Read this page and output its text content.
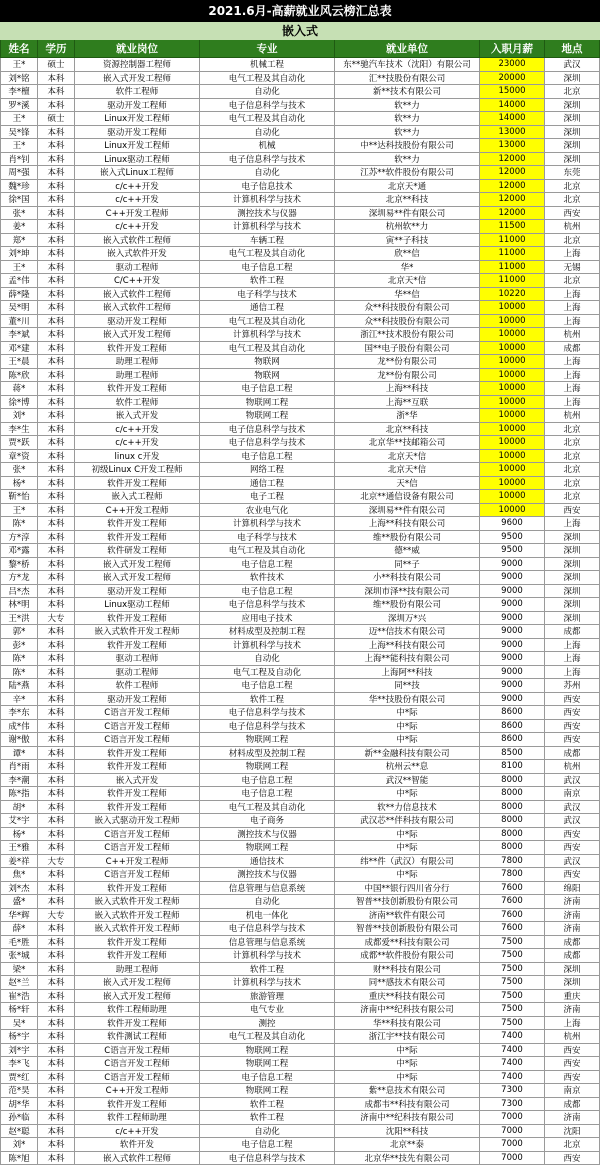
2021.6月-高薪就业风云榜汇总表
嵌入式
姓名	学历	就业岗位	专业	就业单位	入职月薪	地点
王*	硕士	资源控制器工程师	机械工程	东**驰汽车技术（沈阳）有限公司	23000	武汉
刘*铭	本科	嵌入式开发工程师	电气工程及其自动化	汇**技股份有限公司	20000	深圳
李*檀	本科	软件工程师	自动化	新**技术有限公司	15000	北京
罗*溪	本科	驱动开发工程师	电子信息科学与技术	软**力	14000	深圳
王*	硕士	Linux开发工程师	电气工程及其自动化	软**力	14000	深圳
吴*锋	本科	驱动开发工程师	自动化	软**力	13000	深圳
王*	本科	Linux开发工程师	机械	中**达科技股份有限公司	13000	深圳
肖*钊	本科	Linux驱动工程师	电子信息科学与技术	软**力	12000	深圳
周*强	本科	嵌入式Linux工程师	自动化	江苏**软件股份有限公司	12000	东莞
魏*珍	本科	c/c++开发	电子信息技术	北京天*通	12000	北京
徐*国	本科	c/c++开发	计算机科学与技术	北京**科技	12000	北京
张*	本科	C++开发工程师	测控技术与仪器	深圳易**件有限公司	12000	西安
姜*	本科	c/c++开发	计算机科学与技术	杭州软**力	11500	杭州
郑*	本科	嵌入式软件工程师	车辆工程	寅**子科技	11000	北京
刘*坤	本科	嵌入式软件开发	电气工程及其自动化	欣**信	11000	上海
王*	本科	驱动工程师	电子信息工程	华*	11000	无锡
孟*伟	本科	C/C++开发	软件工程	北京天*信	11000	北京
薛*隆	本科	嵌入式软件工程师	电子科学与技术	华**信	10220	上海
吴*明	本科	嵌入式软件工程师	通信工程	众**科技股份有限公司	10000	上海
董*川	本科	驱动开发工程师	电气工程及其自动化	众**科技股份有限公司	10000	上海
李*斌	本科	嵌入式开发工程师	计算机科学与技术	浙江**技术股份有限公司	10000	杭州
邓*建	本科	软件开发工程师	电气工程及其自动化	国**电子股份有限公司	10000	成都
王*晨	本科	助理工程师	物联网	龙**份有限公司	10000	上海
陈*欣	本科	助理工程师	物联网	龙**份有限公司	10000	上海
蒋*	本科	软件开发工程师	电子信息工程	上海**科技	10000	上海
徐*博	本科	软件工程师	物联网工程	上海**互联	10000	上海
刘*	本科	嵌入式开发	物联网工程	浙*华	10000	杭州
李*生	本科	c/c++开发	电子信息科学与技术	北京**科技	10000	北京
贾*跃	本科	c/c++开发	电子信息科学与技术	北京华**技邮箱公司	10000	北京
章*资	本科	linux c开发	电子信息工程	北京天*信	10000	北京
张*	本科	初级Linux C开发工程师	网络工程	北京天*信	10000	北京
杨*	本科	软件开发工程师	通信工程	天*信	10000	北京
靳*怡	本科	嵌入式工程师	电子工程	北京**通信设备有限公司	10000	北京
王*	本科	C++开发工程师	农业电气化	深圳易**件有限公司	10000	西安
陈*	本科	软件开发工程师	计算机科学与技术	上海**科技有限公司	9600	上海
方*淳	本科	软件开发工程师	电子科学与技术	维**股份有限公司	9500	深圳
邓*露	本科	软件研发工程师	电气工程及其自动化	德**威	9500	深圳
黎*桥	本科	嵌入式开发工程师	电子信息工程	同**子	9000	深圳
方*龙	本科	嵌入式开发工程师	软件技术	小**科技有限公司	9000	深圳
吕*杰	本科	驱动开发工程师	电子信息工程	深圳市泽**技有限公司	9000	深圳
林*明	本科	Linux驱动工程师	电子信息科学与技术	维**股份有限公司	9000	深圳
王*洪	大专	软件开发工程师	应用电子技术	深圳万*兴	9000	深圳
郭*	本科	嵌入式软件开发工程师	材料成型及控制工程	迈**信技术有限公司	9000	成都
彭*	本科	软件开发工程师	计算机科学与技术	上海**科技有限公司	9000	上海
陈*	本科	驱动工程师	自动化	上海**能科技有限公司	9000	上海
陈*	本科	驱动工程师	电气工程及自动化	上海阿**科技	9000	上海
陆*燕	本科	软件工程师	电子信息工程	同**技	9000	苏州
辛*	本科	驱动开发工程师	软件工程	华**技股份有限公司	9000	西安
李*东	本科	C语言开发工程师	电子信息科学与技术	中*际	8600	西安
成*伟	本科	C语言开发工程师	电子信息科学与技术	中*际	8600	西安
谢*傲	本科	C语言开发工程师	物联网工程	中*际	8600	西安
谭*	本科	软件开发工程师	材料成型及控制工程	新**金融科技有限公司	8500	成都
肖*雨	本科	软件开发工程师	物联网工程	杭州云**息	8100	杭州
李*潮	本科	嵌入式开发	电子信息工程	武汉**智能	8000	武汉
陈*指	本科	软件开发工程师	电子信息工程	中*际	8000	南京
胡*	本科	软件开发工程师	电气工程及其自动化	软**力信息技术	8000	武汉
艾*宇	本科	嵌入式驱动开发工程师	电子商务	武汉芯**伴科技有限公司	8000	武汉
杨*	本科	C语言开发工程师	测控技术与仪器	中*际	8000	西安
王*雅	本科	C语言开发工程师	物联网工程	中*际	8000	西安
姜*祥	大专	C++开发工程师	通信技术	纬**件（武汉）有限公司	7800	武汉
焦*	本科	C语言开发工程师	测控技术与仪器	中*际	7800	西安
刘*杰	本科	软件开发工程师	信息管理与信息系统	中国**银行四川省分行	7600	绵阳
盛*	本科	嵌入式软件开发工程师	自动化	智普**技创新股份有限公司	7600	济南
华*辉	大专	嵌入式软件开发工程师	机电一体化	济南**软件有限公司	7600	济南
薛*	本科	嵌入式软件开发工程师	电子信息科学与技术	智普**技创新股份有限公司	7600	济南
毛*胜	本科	软件开发工程师	信息管理与信息系统	成都爱**科技有限公司	7500	成都
张*城	本科	软件开发工程师	计算机科学与技术	成都**软件股份有限公司	7500	成都
梁*	本科	助理工程师	软件工程	财**科技有限公司	7500	深圳
赵*兰	本科	嵌入式开发工程师	计算机科学与技术	同**感技术有限公司	7500	深圳
崔*浩	本科	嵌入式开发工程师	旅游管理	重庆**科技有限公司	7500	重庆
杨*轩	本科	软件工程师助理	电气专业	济南中**纪科技有限公司	7500	济南
吴*	本科	软件开发工程师	测控	华**科技有限公司	7500	上海
杨*宇	本科	软件测试工程师	电气工程及其自动化	浙江宇**技有限公司	7400	杭州
刘*宇	本科	C语言开发工程师	物联网工程	中*际	7400	西安
李*飞	本科	C语言开发工程师	物联网工程	中*际	7400	西安
贾*红	本科	C语言开发工程师	电子信息工程	中*际	7400	西安
范*昊	本科	C++开发工程师	物联网工程	紫**息技术有限公司	7300	南京
胡*华	本科	软件开发工程师	软件工程	成都韦**科技有限公司	7300	成都
孙*临	本科	软件工程师助理	软件工程	济南中**纪科技有限公司	7000	济南
赵*聪	本科	c/c++开发	自动化	沈阳**科技	7000	沈阳
刘*	本科	软件开发	电子信息工程	北京**泰	7000	北京
陈*旭	本科	嵌入式软件工程师	电子信息科学与技术	北京华**技先有限公司	7000	西安
